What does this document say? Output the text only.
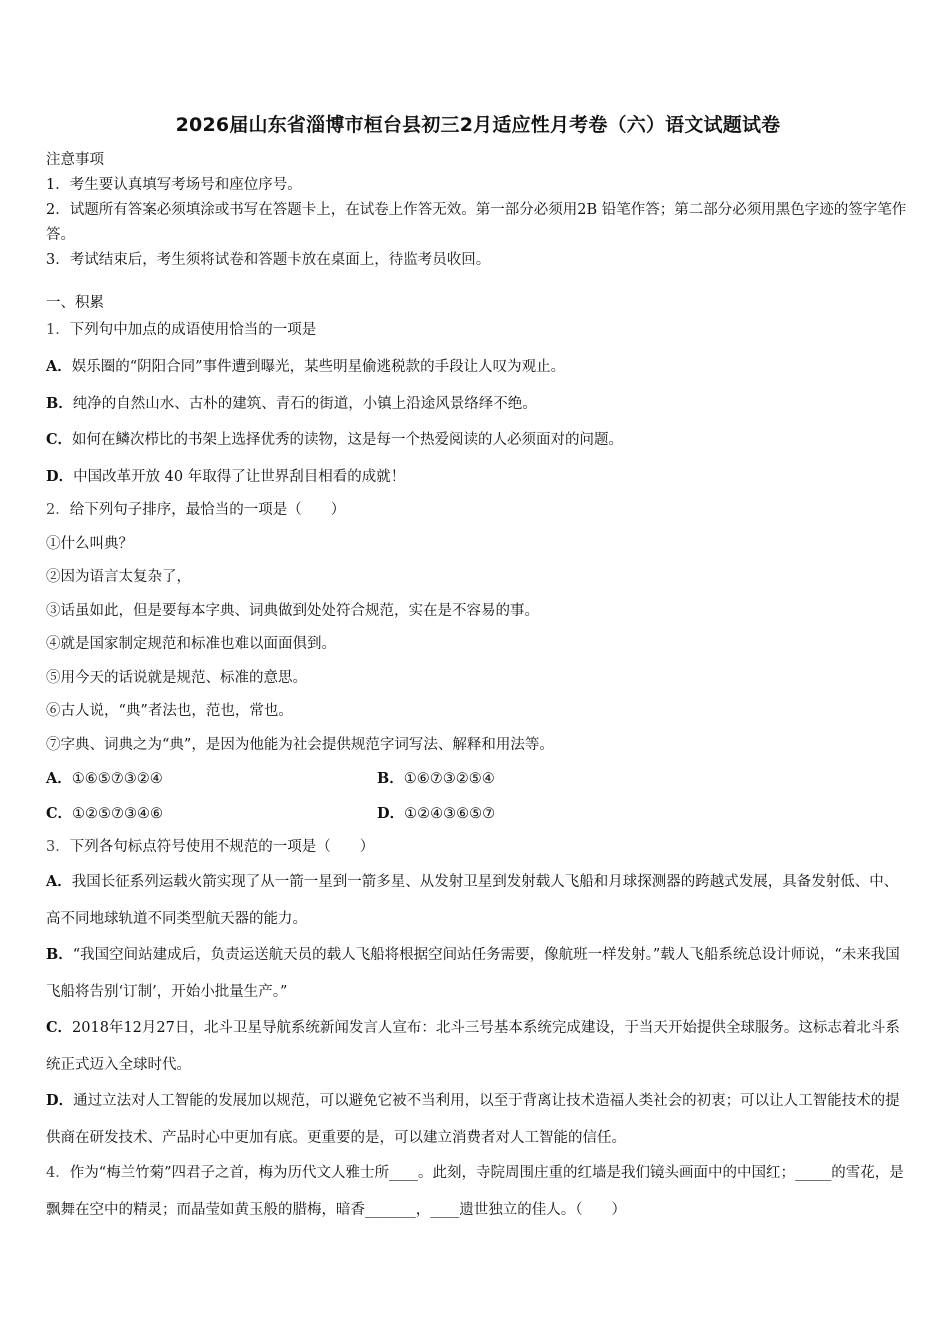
2026届山东省淄博市桓台县初三2月适应性月考卷（六）语文试题试卷
注意事项
1．考生要认真填写考场号和座位序号。
2．试题所有答案必须填涂或书写在答题卡上，在试卷上作答无效。第一部分必须用2B 铅笔作答；第二部分必须用黑色字迹的签字笔作答。
3．考试结束后，考生须将试卷和答题卡放在桌面上，待监考员收回。
一、积累
1．下列句中加点的成语使用恰当的一项是
A．娱乐圈的“阴阳合同”事件遭到曝光，某些明星偷逃税款的手段让人叹为观止。
B．纯净的自然山水、古朴的建筑、青石的街道，小镇上沿途风景络绎不绝。
C．如何在鳞次栉比的书架上选择优秀的读物，这是每一个热爱阅读的人必须面对的问题。
D．中国改革开放 40 年取得了让世界刮目相看的成就！
2．给下列句子排序，最恰当的一项是（　　）
①什么叫典？
②因为语言太复杂了，
③话虽如此，但是要每本字典、词典做到处处符合规范，实在是不容易的事。
④就是国家制定规范和标准也难以面面俱到。
⑤用今天的话说就是规范、标准的意思。
⑥古人说，“典”者法也，范也，常也。
⑦字典、词典之为“典”，是因为他能为社会提供规范字词写法、解释和用法等。
A．①⑥⑤⑦③②④	B．①⑥⑦③②⑤④
C．①②⑤⑦③④⑥	D．①②④③⑥⑤⑦
3．下列各句标点符号使用不规范的一项是（　　）
A．我国长征系列运载火箭实现了从一箭一星到一箭多星、从发射卫星到发射载人飞船和月球探测器的跨越式发展，具备发射低、中、高不同地球轨道不同类型航天器的能力。
B．“我国空间站建成后，负责运送航天员的载人飞船将根据空间站任务需要，像航班一样发射。”载人飞船系统总设计师说，“未来我国飞船将告别‘订制’，开始小批量生产。”
C．2018年12月27日，北斗卫星导航系统新闻发言人宣布：北斗三号基本系统完成建设，于当天开始提供全球服务。这标志着北斗系统正式迈入全球时代。
D．通过立法对人工智能的发展加以规范，可以避免它被不当利用，以至于背离让技术造福人类社会的初衷；可以让人工智能技术的提供商在研发技术、产品时心中更加有底。更重要的是，可以建立消费者对人工智能的信任。
4．作为“梅兰竹菊”四君子之首，梅为历代文人雅士所____。此刻，寺院周围庄重的红墙是我们镜头画面中的中国红；_____的雪花，是飘舞在空中的精灵；而晶莹如黄玉般的腊梅，暗香_______，____遗世独立的佳人。（　　）
